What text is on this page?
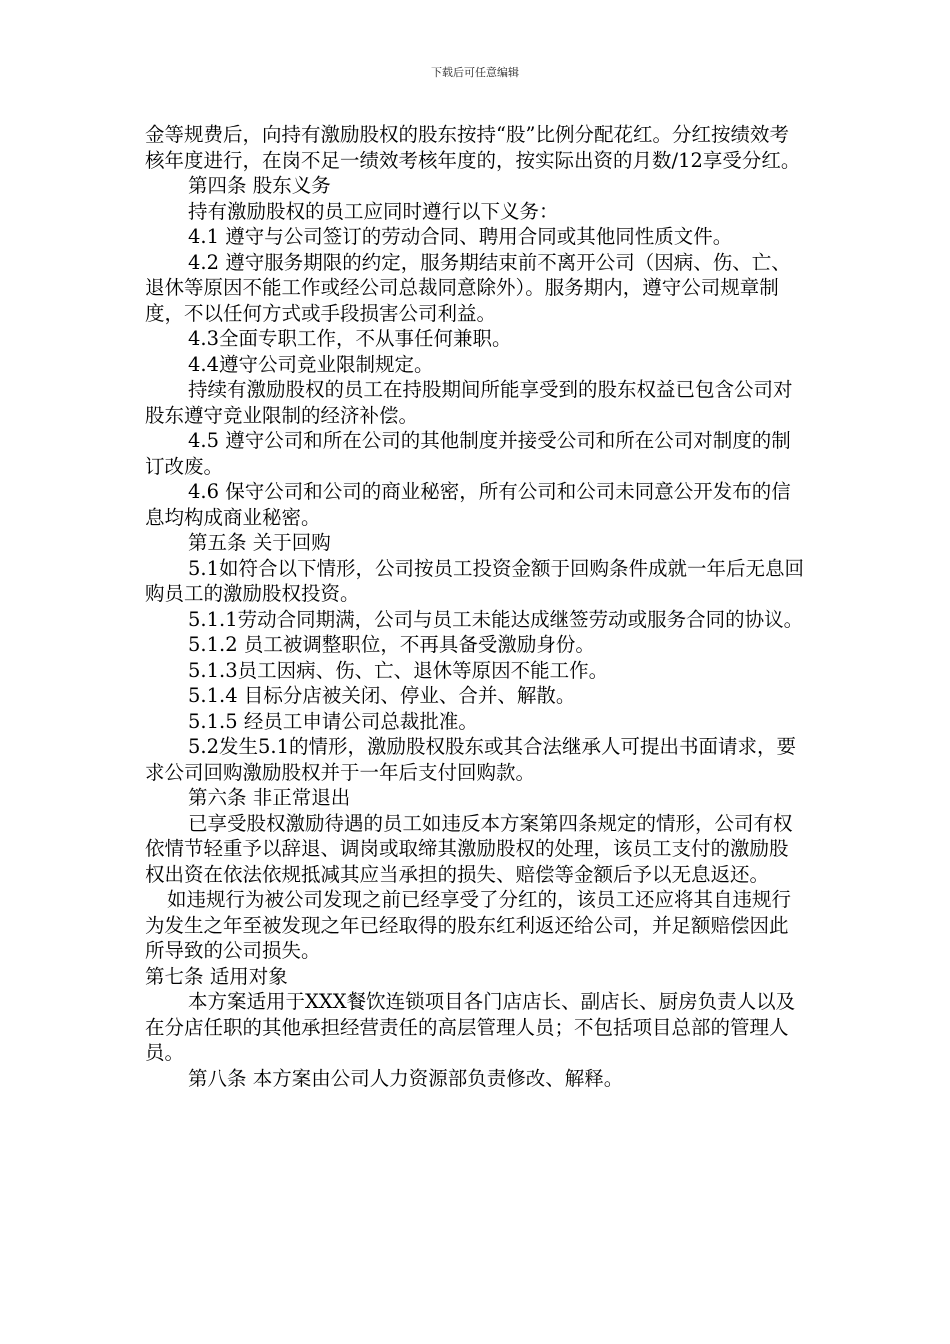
下载后可任意编辑

金等规费后，向持有激励股权的股东按持“股”比例分配花红。分红按绩效考核年度进行，在岗不足一绩效考核年度的，按实际出资的月数/12享受分红。

第四条 股东义务

持有激励股权的员工应同时遵行以下义务：

4.1 遵守与公司签订的劳动合同、聘用合同或其他同性质文件。

4.2 遵守服务期限的约定，服务期结束前不离开公司（因病、伤、亡、退休等原因不能工作或经公司总裁同意除外）。服务期内，遵守公司规章制度，不以任何方式或手段损害公司利益。

4.3全面专职工作，不从事任何兼职。

4.4遵守公司竞业限制规定。

持续有激励股权的员工在持股期间所能享受到的股东权益已包含公司对股东遵守竞业限制的经济补偿。

4.5 遵守公司和所在公司的其他制度并接受公司和所在公司对制度的制订改废。

4.6 保守公司和公司的商业秘密，所有公司和公司未同意公开发布的信息均构成商业秘密。

第五条 关于回购

5.1如符合以下情形，公司按员工投资金额于回购条件成就一年后无息回购员工的激励股权投资。

5.1.1劳动合同期满，公司与员工未能达成继签劳动或服务合同的协议。

5.1.2 员工被调整职位，不再具备受激励身份。

5.1.3员工因病、伤、亡、退休等原因不能工作。

5.1.4 目标分店被关闭、停业、合并、解散。

5.1.5 经员工申请公司总裁批准。

5.2发生5.1的情形，激励股权股东或其合法继承人可提出书面请求，要求公司回购激励股权并于一年后支付回购款。

第六条 非正常退出

已享受股权激励待遇的员工如违反本方案第四条规定的情形，公司有权依情节轻重予以辞退、调岗或取缔其激励股权的处理，该员工支付的激励股权出资在依法依规抵减其应当承担的损失、赔偿等金额后予以无息返还。

如违规行为被公司发现之前已经享受了分红的，该员工还应将其自违规行为发生之年至被发现之年已经取得的股东红利返还给公司，并足额赔偿因此所导致的公司损失。

第七条 适用对象

本方案适用于XXX餐饮连锁项目各门店店长、副店长、厨房负责人以及在分店任职的其他承担经营责任的高层管理人员；不包括项目总部的管理人员。

第八条 本方案由公司人力资源部负责修改、解释。
